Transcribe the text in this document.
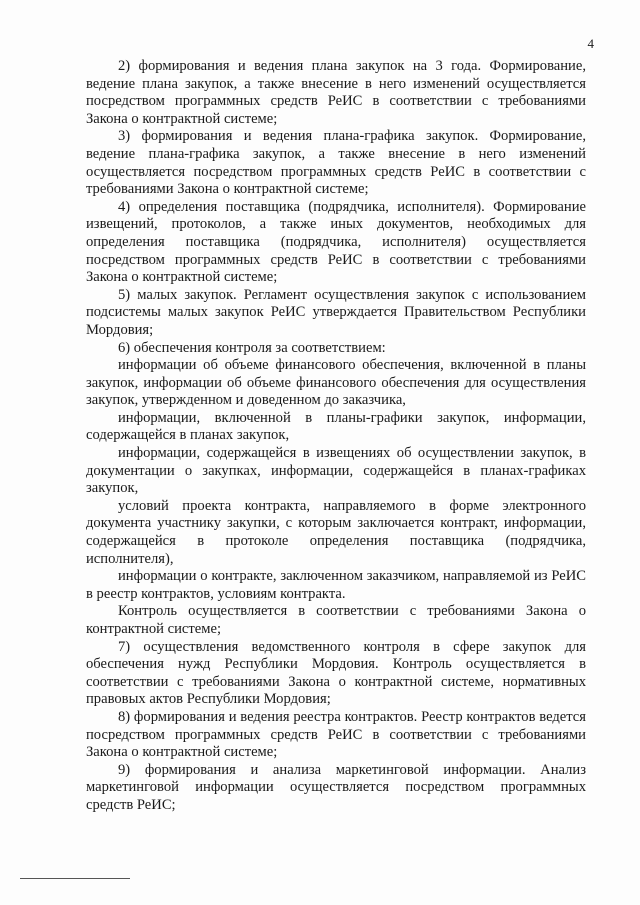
4

2) формирования и ведения плана закупок на 3 года. Формирование, ведение плана закупок, а также внесение в него изменений осуществляется посредством программных средств РеИС в соответствии с требованиями Закона о контрактной системе;

3) формирования и ведения плана-графика закупок. Формирование, ведение плана-графика закупок, а также внесение в него изменений осуществляется посредством программных средств РеИС в соответствии с требованиями Закона о контрактной системе;

4) определения поставщика (подрядчика, исполнителя). Формирование извещений, протоколов, а также иных документов, необходимых для определения поставщика (подрядчика, исполнителя) осуществляется посредством программных средств РеИС в соответствии с требованиями Закона о контрактной системе;

5) малых закупок. Регламент осуществления закупок с использованием подсистемы малых закупок РеИС утверждается Правительством Республики Мордовия;

6) обеспечения контроля за соответствием:

информации об объеме финансового обеспечения, включенной в планы закупок, информации об объеме финансового обеспечения для осуществления закупок, утвержденном и доведенном до заказчика,

информации, включенной в планы-графики закупок, информации, содержащейся в планах закупок,

информации, содержащейся в извещениях об осуществлении закупок, в документации о закупках, информации, содержащейся в планах-графиках закупок,

условий проекта контракта, направляемого в форме электронного документа участнику закупки, с которым заключается контракт, информации, содержащейся в протоколе определения поставщика (подрядчика, исполнителя),

информации о контракте, заключенном заказчиком, направляемой из РеИС в реестр контрактов, условиям контракта.

Контроль осуществляется в соответствии с требованиями Закона о контрактной системе;

7) осуществления ведомственного контроля в сфере закупок для обеспечения нужд Республики Мордовия. Контроль осуществляется в соответствии с требованиями Закона о контрактной системе, нормативных правовых актов Республики Мордовия;

8) формирования и ведения реестра контрактов. Реестр контрактов ведется посредством программных средств РеИС в соответствии с требованиями Закона о контрактной системе;

9) формирования и анализа маркетинговой информации. Анализ маркетинговой информации осуществляется посредством программных средств РеИС;
